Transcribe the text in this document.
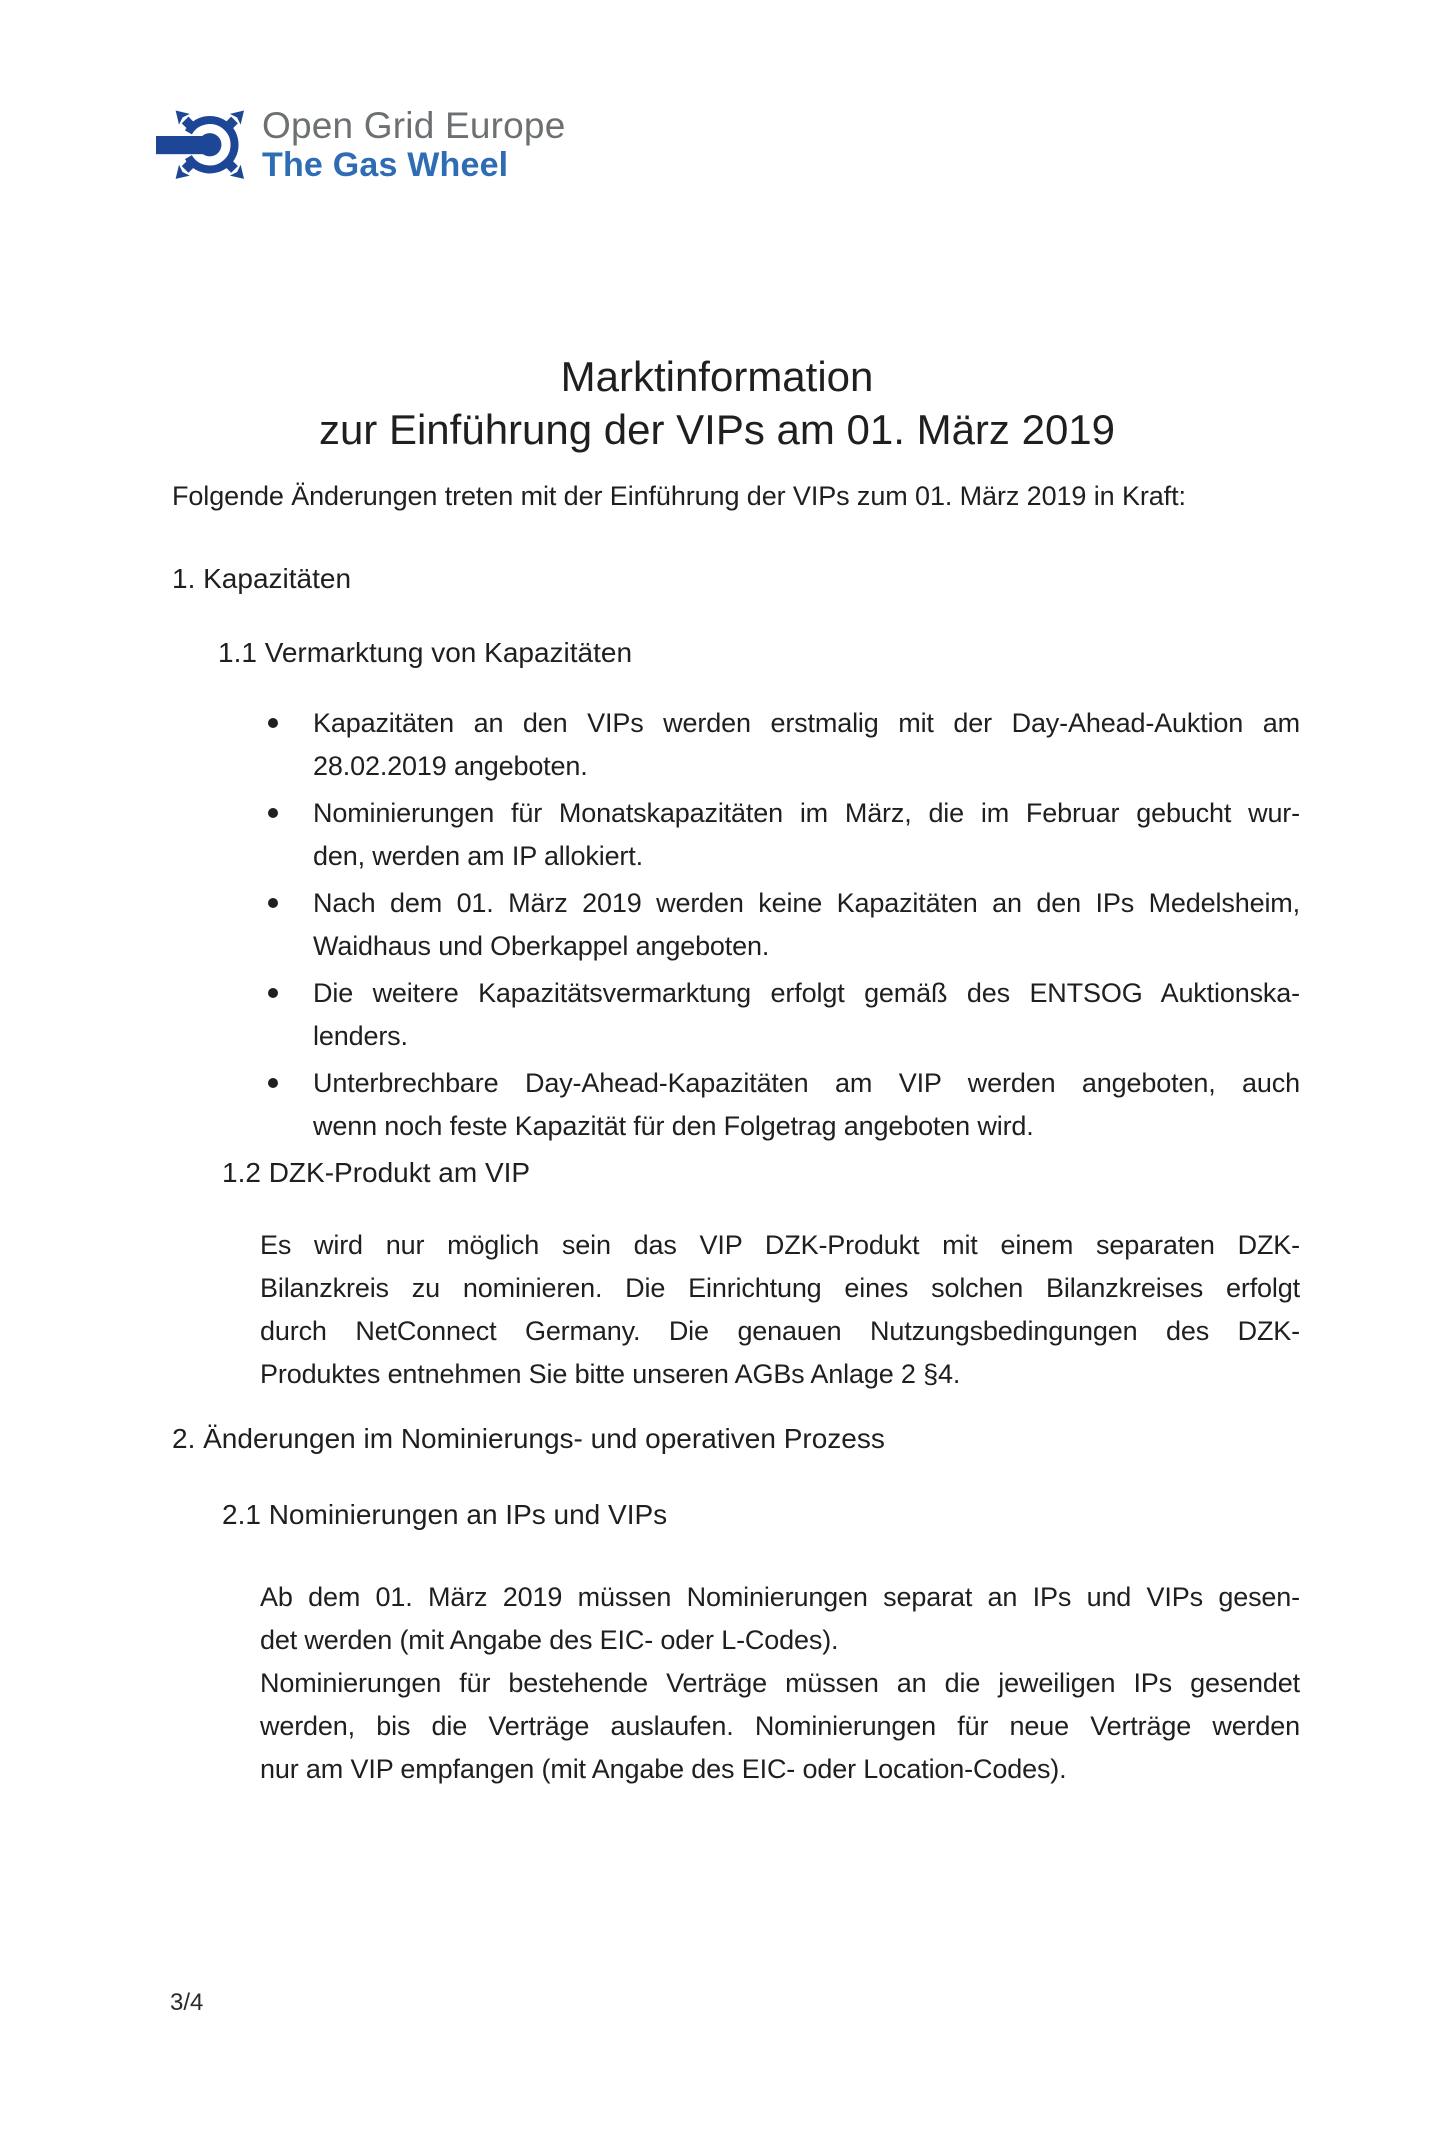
Open Grid Europe
The Gas Wheel
Marktinformation
zur Einführung der VIPs am 01. März 2019

Folgende Änderungen treten mit der Einführung der VIPs zum 01. März 2019 in Kraft:

1. Kapazitäten
1.1 Vermarktung von Kapazitäten
Kapazitäten an den VIPs werden erstmalig mit der Day-Ahead-Auktion am
28.02.2019 angeboten.
Nominierungen für Monatskapazitäten im März, die im Februar gebucht wur-
den, werden am IP allokiert.
Nach dem 01. März 2019 werden keine Kapazitäten an den IPs Medelsheim,
Waidhaus und Oberkappel angeboten.
Die weitere Kapazitätsvermarktung erfolgt gemäß des ENTSOG Auktionska-
lenders.
Unterbrechbare Day-Ahead-Kapazitäten am VIP werden angeboten, auch
wenn noch feste Kapazität für den Folgetrag angeboten wird.
1.2 DZK-Produkt am VIP
Es wird nur möglich sein das VIP DZK-Produkt mit einem separaten DZK-
Bilanzkreis zu nominieren. Die Einrichtung eines solchen Bilanzkreises erfolgt
durch NetConnect Germany. Die genauen Nutzungsbedingungen des DZK-
Produktes entnehmen Sie bitte unseren AGBs Anlage 2 §4.
2. Änderungen im Nominierungs- und operativen Prozess
2.1 Nominierungen an IPs und VIPs
Ab dem 01. März 2019 müssen Nominierungen separat an IPs und VIPs gesen-
det werden (mit Angabe des EIC- oder L-Codes).
Nominierungen für bestehende Verträge müssen an die jeweiligen IPs gesendet
werden, bis die Verträge auslaufen. Nominierungen für neue Verträge werden
nur am VIP empfangen (mit Angabe des EIC- oder Location-Codes).
3/4
